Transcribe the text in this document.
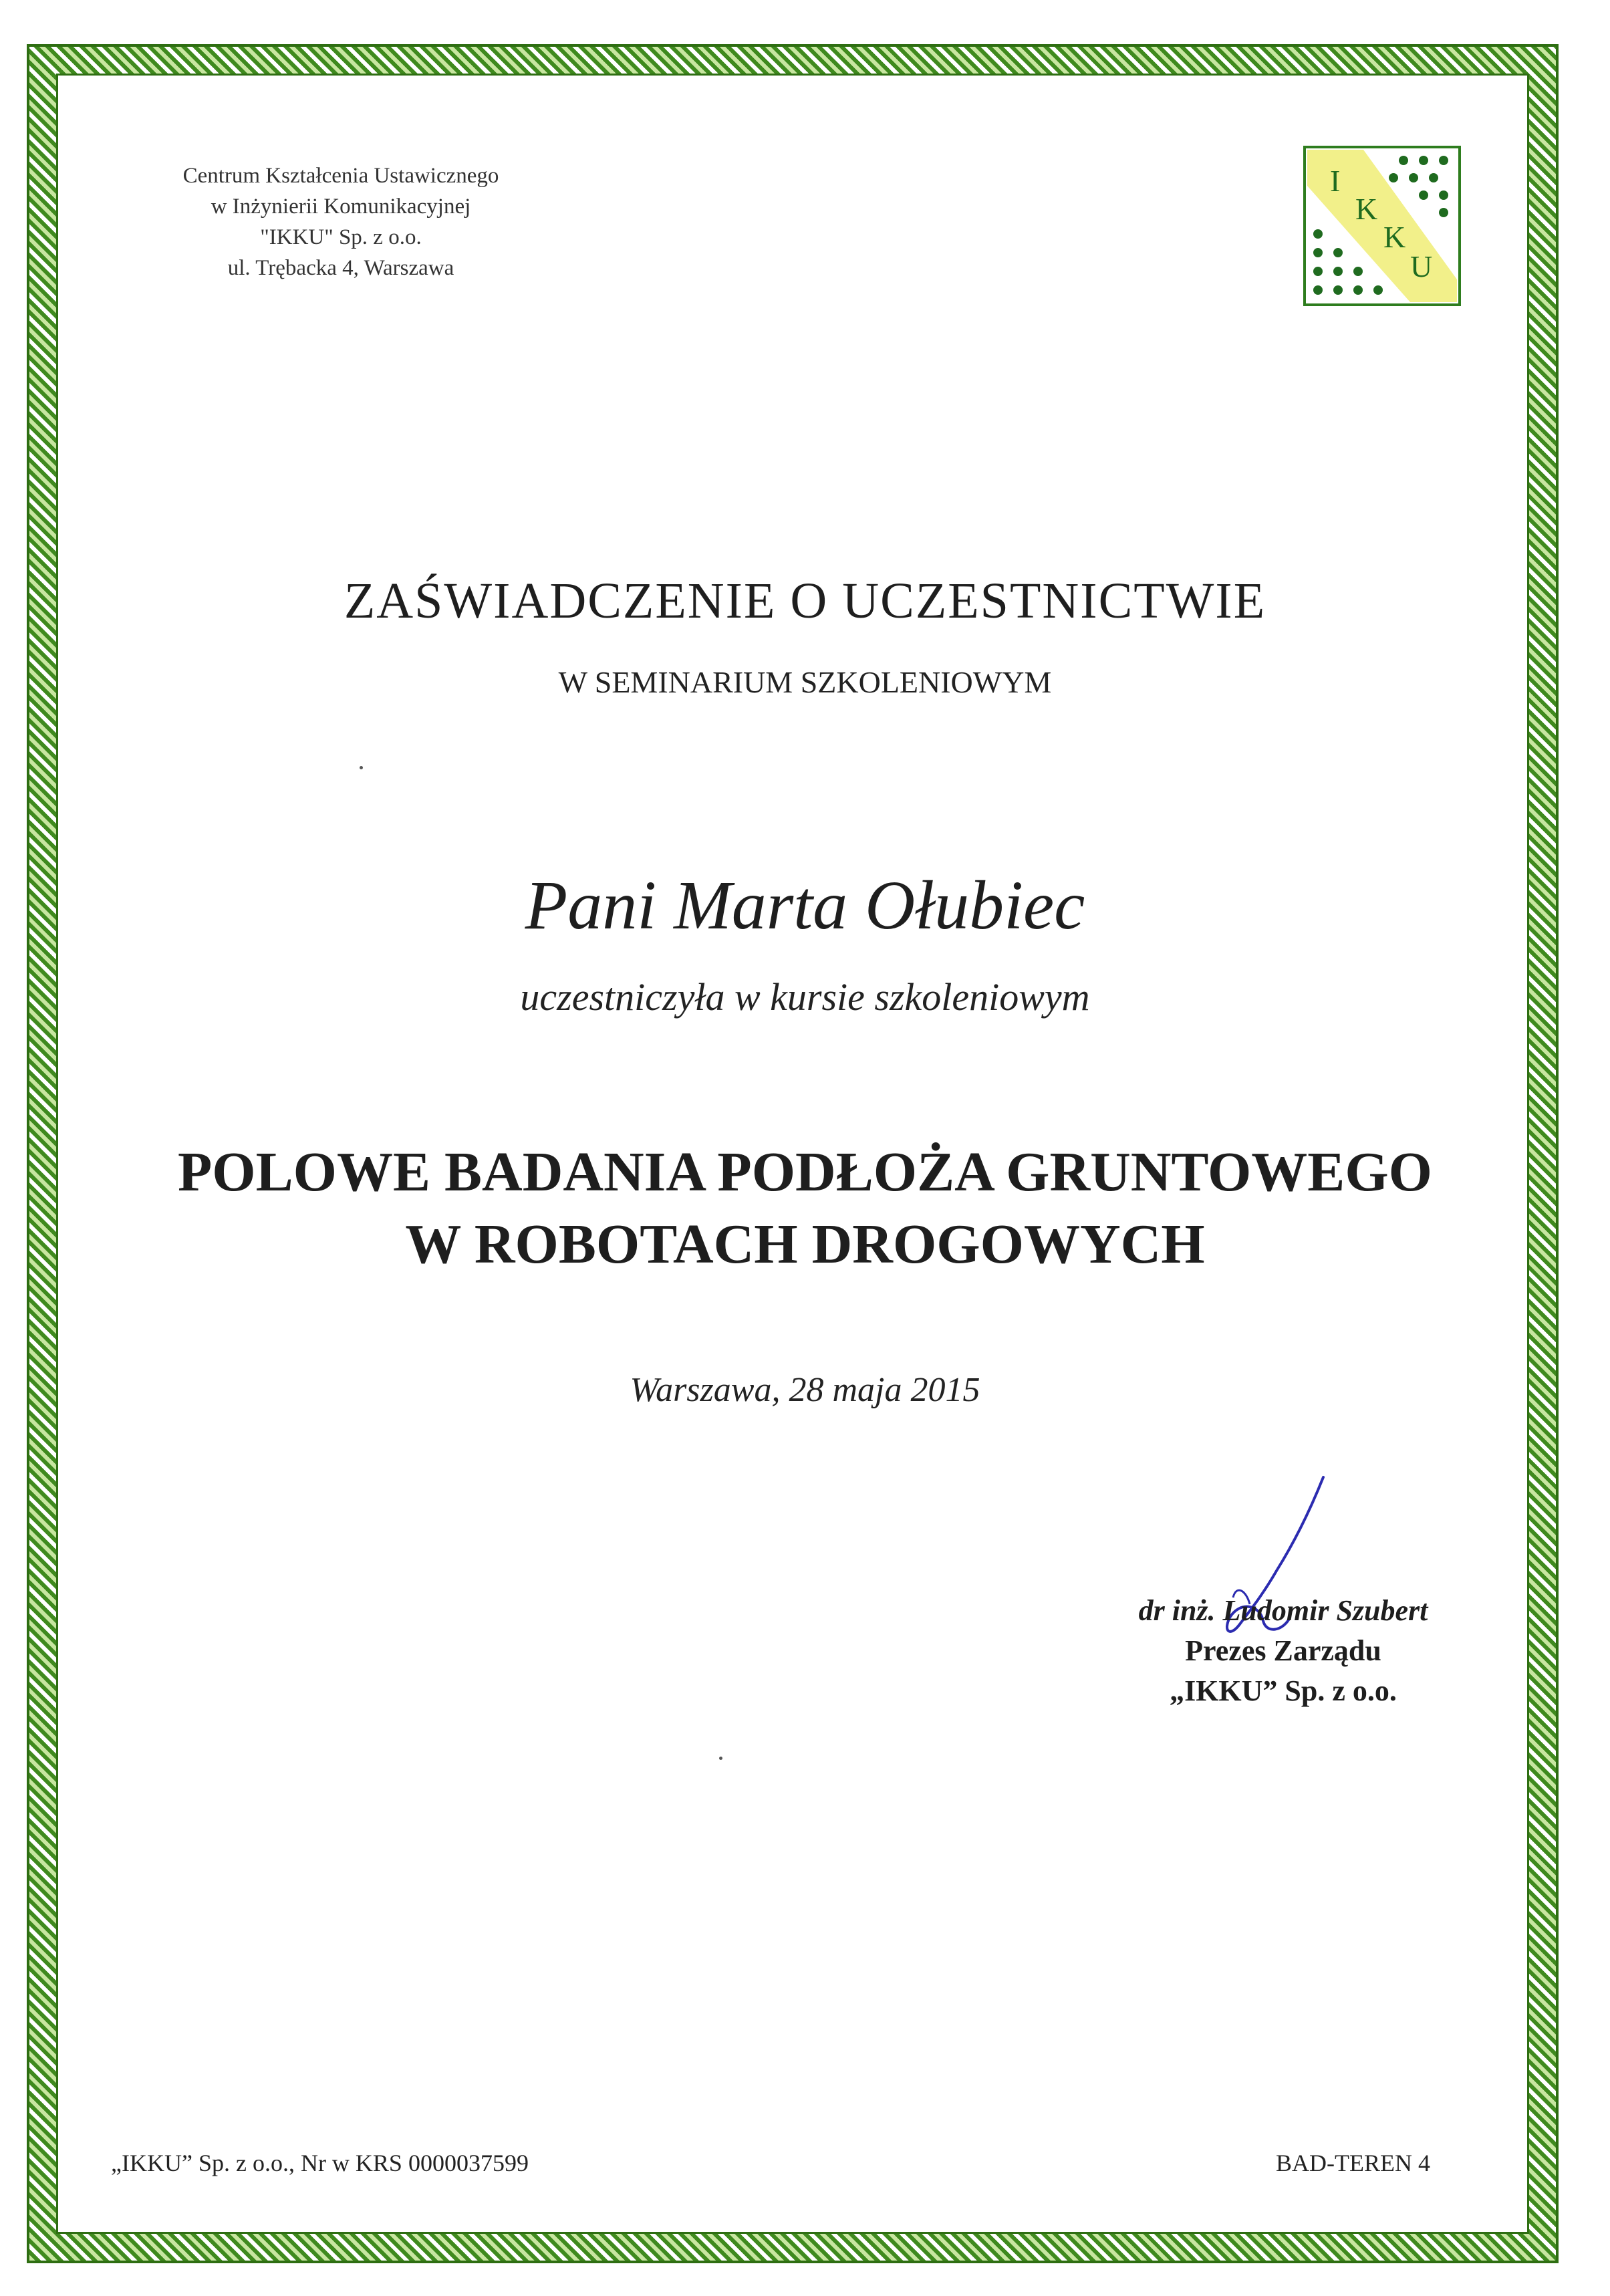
Centrum Kształcenia Ustawicznego
w Inżynierii Komunikacyjnej
"IKKU" Sp. z o.o.
ul. Trębacka 4, Warszawa
I
K
K
U
ZAŚWIADCZENIE O UCZESTNICTWIE
W SEMINARIUM SZKOLENIOWYM
Pani Marta Ołubiec
uczestniczyła w kursie szkoleniowym
POLOWE BADANIA PODŁOŻA GRUNTOWEGO
W ROBOTACH DROGOWYCH
Warszawa, 28 maja 2015
dr inż. Ludomir Szubert
Prezes Zarządu
„IKKU” Sp. z o.o.
„IKKU” Sp. z o.o., Nr w KRS 0000037599	BAD-TEREN 4
